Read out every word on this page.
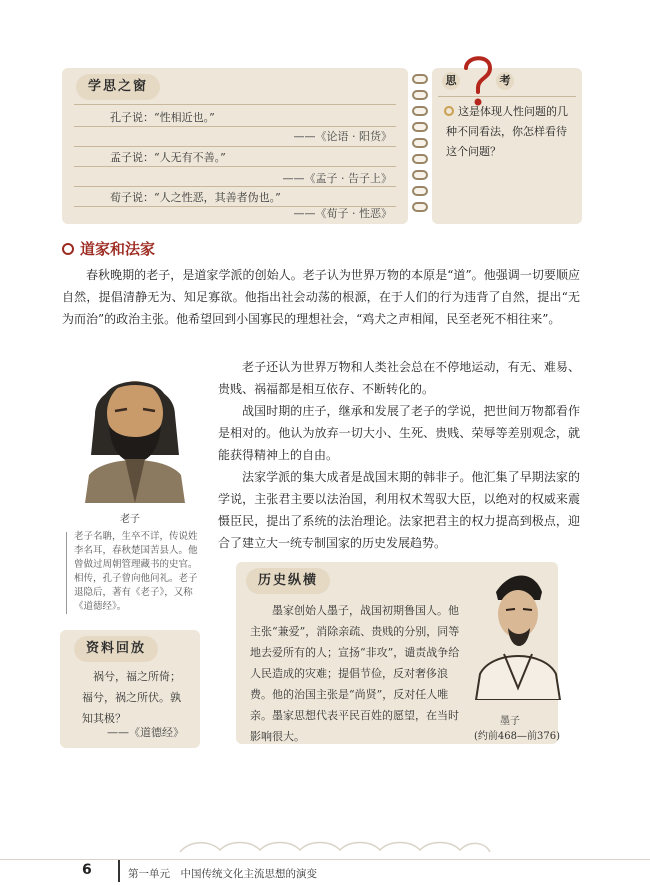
学思之窗
孔子说：“性相近也。”
——《论语 · 阳货》
孟子说：“人无有不善。”
——《孟子 · 告子上》
荀子说：“人之性恶，其善者伪也。”
——《荀子 · 性恶》
思	考
这是体现人性问题的几种不同看法，你怎样看待这个问题？
道家和法家
春秋晚期的老子，是道家学派的创始人。老子认为世界万物的本原是“道”。他强调一切要顺应自然，提倡清静无为、知足寡欲。他指出社会动荡的根源，在于人们的行为违背了自然，提出“无为而治”的政治主张。他希望回到小国寡民的理想社会，“鸡犬之声相闻，民至老死不相往来”。
老子
老子名聃，生卒不详，传说姓李名耳，春秋楚国苦县人。他曾做过周朝管理藏书的史官。相传，孔子曾向他问礼。老子退隐后，著有《老子》，又称《道德经》。
老子还认为世界万物和人类社会总在不停地运动，有无、难易、贵贱、祸福都是相互依存、不断转化的。
战国时期的庄子，继承和发展了老子的学说，把世间万物都看作是相对的。他认为放弃一切大小、生死、贵贱、荣辱等差别观念，就能获得精神上的自由。
法家学派的集大成者是战国末期的韩非子。他汇集了早期法家的学说，主张君主要以法治国，利用权术驾驭大臣，以绝对的权威来震慑臣民，提出了系统的法治理论。法家把君主的权力提高到极点，迎合了建立大一统专制国家的历史发展趋势。
资料回放
祸兮，福之所倚；福兮，祸之所伏。孰知其极？
——《道德经》
历史纵横
墨家创始人墨子，战国初期鲁国人。他主张“兼爱”，消除亲疏、贵贱的分别，同等地去爱所有的人；宣扬“非攻”，谴责战争给人民造成的灾难；提倡节俭，反对奢侈浪费。他的治国主张是“尚贤”，反对任人唯亲。墨家思想代表平民百姓的愿望，在当时影响很大。
墨子
(约前468—前376)
6	第一单元　中国传统文化主流思想的演变
